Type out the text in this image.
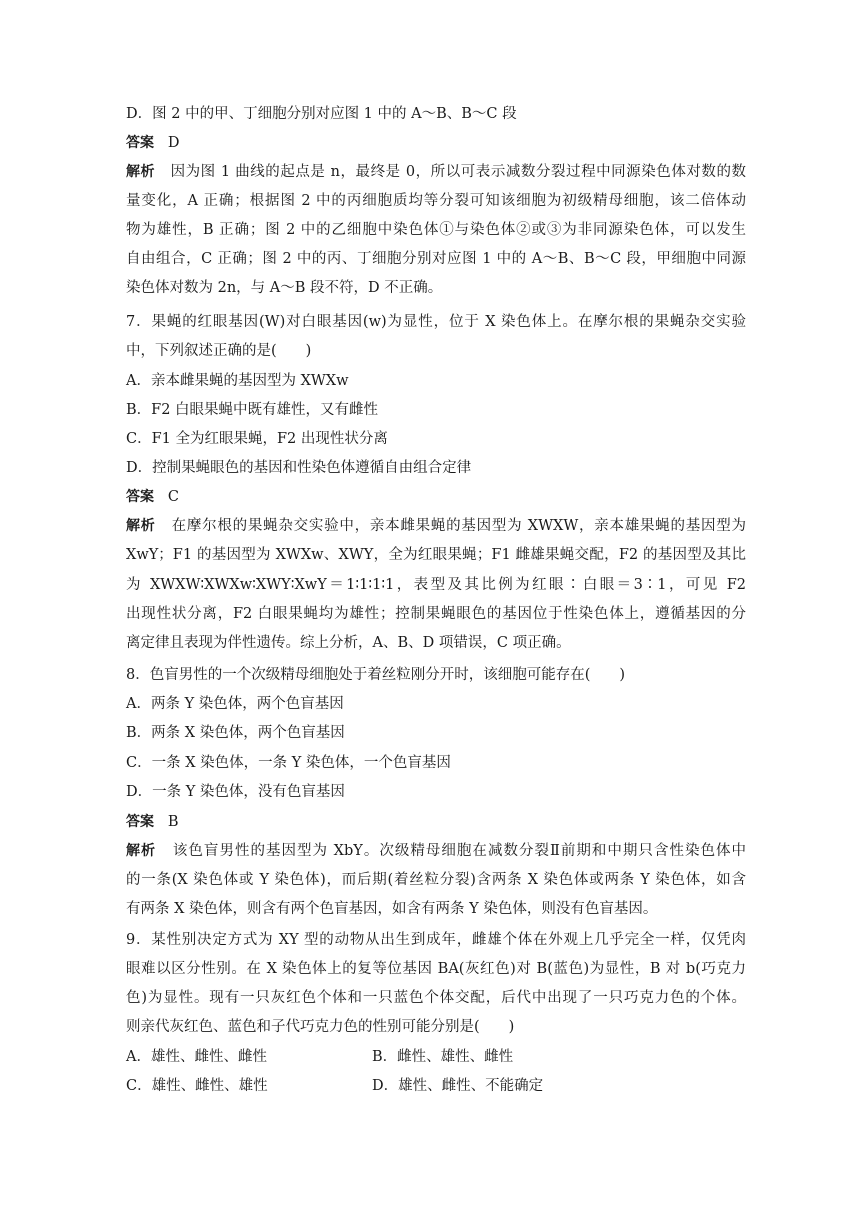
D．图 2 中的甲、丁细胞分别对应图 1 中的 A～B、B～C 段
答案 D
解析 因为图 1 曲线的起点是 n，最终是 0，所以可表示减数分裂过程中同源染色体对数的数
量变化，A 正确；根据图 2 中的丙细胞质均等分裂可知该细胞为初级精母细胞，该二倍体动
物为雄性，B 正确；图 2 中的乙细胞中染色体①与染色体②或③为非同源染色体，可以发生
自由组合，C 正确；图 2 中的丙、丁细胞分别对应图 1 中的 A～B、B～C 段，甲细胞中同源
染色体对数为 2n，与 A～B 段不符，D 不正确。
7．果蝇的红眼基因(W)对白眼基因(w)为显性，位于 X 染色体上。在摩尔根的果蝇杂交实验
中，下列叙述正确的是(　　)
A．亲本雌果蝇的基因型为 XWXw
B．F2 白眼果蝇中既有雄性，又有雌性
C．F1 全为红眼果蝇，F2 出现性状分离
D．控制果蝇眼色的基因和性染色体遵循自由组合定律
答案 C
解析 在摩尔根的果蝇杂交实验中，亲本雌果蝇的基因型为 XWXW，亲本雄果蝇的基因型为
XwY；F1 的基因型为 XWXw、XWY，全为红眼果蝇；F1 雌雄果蝇交配，F2 的基因型及其比
为 XWXW∶XWXw∶XWY∶XwY＝1∶1∶1∶1，表型及其比例为红眼∶白眼＝3∶1，可见 F2
出现性状分离，F2 白眼果蝇均为雄性；控制果蝇眼色的基因位于性染色体上，遵循基因的分
离定律且表现为伴性遗传。综上分析，A、B、D 项错误，C 项正确。
8．色盲男性的一个次级精母细胞处于着丝粒刚分开时，该细胞可能存在(　　)
A．两条 Y 染色体，两个色盲基因
B．两条 X 染色体，两个色盲基因
C．一条 X 染色体，一条 Y 染色体，一个色盲基因
D．一条 Y 染色体，没有色盲基因
答案 B
解析 该色盲男性的基因型为 XbY。次级精母细胞在减数分裂Ⅱ前期和中期只含性染色体中
的一条(X 染色体或 Y 染色体)，而后期(着丝粒分裂)含两条 X 染色体或两条 Y 染色体，如含
有两条 X 染色体，则含有两个色盲基因，如含有两条 Y 染色体，则没有色盲基因。
9．某性别决定方式为 XY 型的动物从出生到成年，雌雄个体在外观上几乎完全一样，仅凭肉
眼难以区分性别。在 X 染色体上的复等位基因 BA(灰红色)对 B(蓝色)为显性，B 对 b(巧克力
色)为显性。现有一只灰红色个体和一只蓝色个体交配，后代中出现了一只巧克力色的个体。
则亲代灰红色、蓝色和子代巧克力色的性别可能分别是(　　)
A．雄性、雌性、雌性	B．雌性、雄性、雌性
C．雄性、雌性、雄性	D．雄性、雌性、不能确定
